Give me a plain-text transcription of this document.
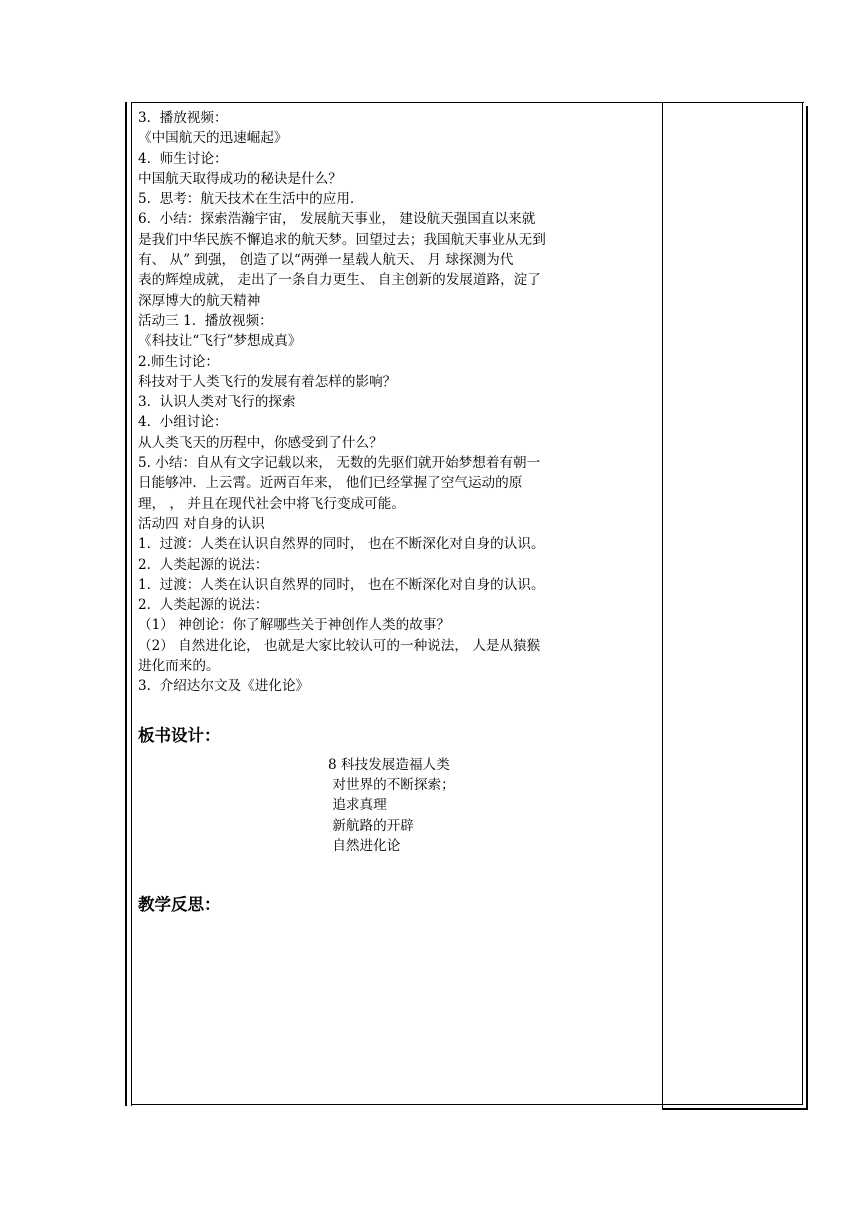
3.  播放视频：
《中国航天的迅速崛起》
4.  师生讨论：
中国航天取得成功的秘诀是什么？
5.  思考：航天技术在生活中的应用.
6.  小结：探索浩瀚宇宙， 发展航天事业， 建设航天强国直以来就
是我们中华民族不懈追求的航天梦。回望过去；我国航天事业从无到
有、 从” 到强， 创造了以“两弹一星载人航天、 月 球探测为代
表的辉煌成就， 走出了一条自力更生、 自主创新的发展道路，淀了
深厚博大的航天精神
活动三 1.  播放视频：
《科技让“飞行”梦想成真》
2.师生讨论：
科技对于人类飞行的发展有着怎样的影响？
3.  认识人类对飞行的探索
4.  小组讨论：
从人类飞天的历程中，你感受到了什么？
5. 小结：自从有文字记载以来， 无数的先驱们就开始梦想着有朝一
日能够冲.  上云霄。近两百年来， 他们已经掌握了空气运动的原
理， ， 并且在现代社会中将飞行变成可能。
活动四 对自身的认识
1.  过渡：人类在认识自然界的同时， 也在不断深化对自身的认识。
2.  人类起源的说法：
1.  过渡：人类在认识自然界的同时， 也在不断深化对自身的认识。
2.  人类起源的说法：
（1） 神创论：你了解哪些关于神创作人类的故事？
（2） 自然进化论， 也就是大家比较认可的一种说法， 人是从猿猴
进化而来的。
3.  介绍达尔文及《进化论》
板书设计：
8 科技发展造福人类
对世界的不断探索；
追求真理
新航路的开辟
自然进化论
教学反思：
